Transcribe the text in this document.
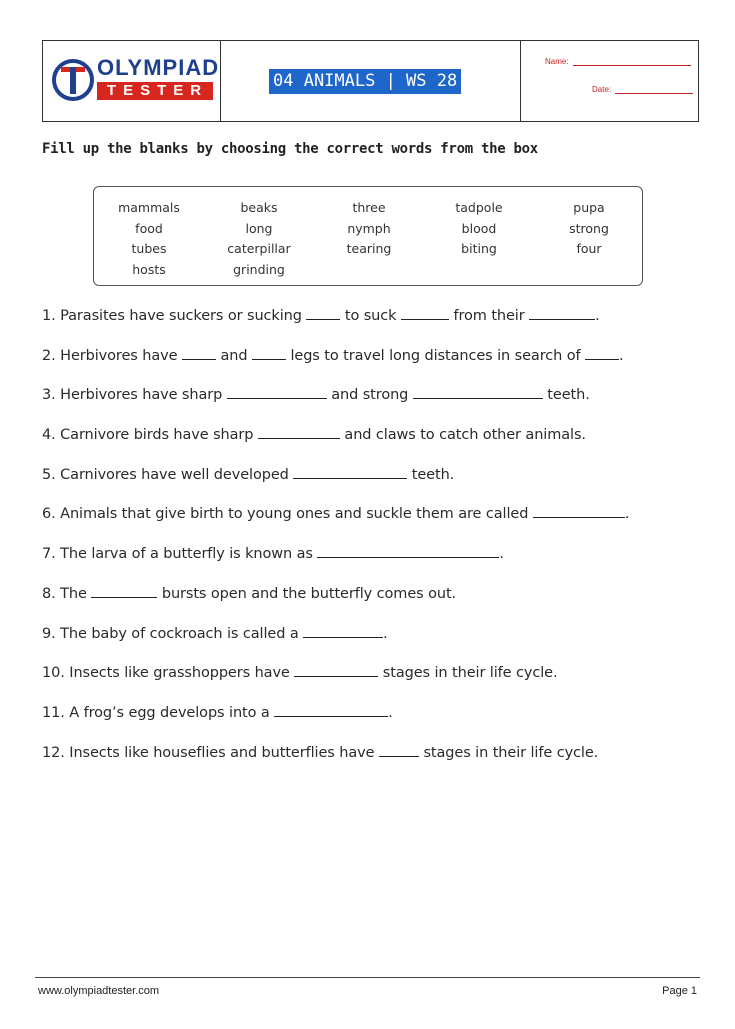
OLYMPIAD
TESTER	04 ANIMALS | WS 28
Name:
Date:
Fill up the blanks by choosing the correct words from the box
mammals	beaks	three	tadpole	pupa
food	long	nymph	blood	strong
tubes	caterpillar	tearing	biting	four
hosts	grinding
1. Parasites have suckers or sucking  to suck	from their	.
2. Herbivores have  and  legs to travel long distances in search of .
3. Herbivores have sharp	and strong	teeth.
4. Carnivore birds have sharp	and claws to catch other animals.
5. Carnivores have well developed	teeth.
6. Animals that give birth to young ones and suckle them are called	.
7. The larva of a butterfly is known as	.
8. The	bursts open and the butterfly comes out.
9. The baby of cockroach is called a	.
10. Insects like grasshoppers have	stages in their life cycle.
11. A frog’s egg develops into a	.
12. Insects like houseflies and butterflies have	stages in their life cycle.
www.olympiadtester.com	Page 1
